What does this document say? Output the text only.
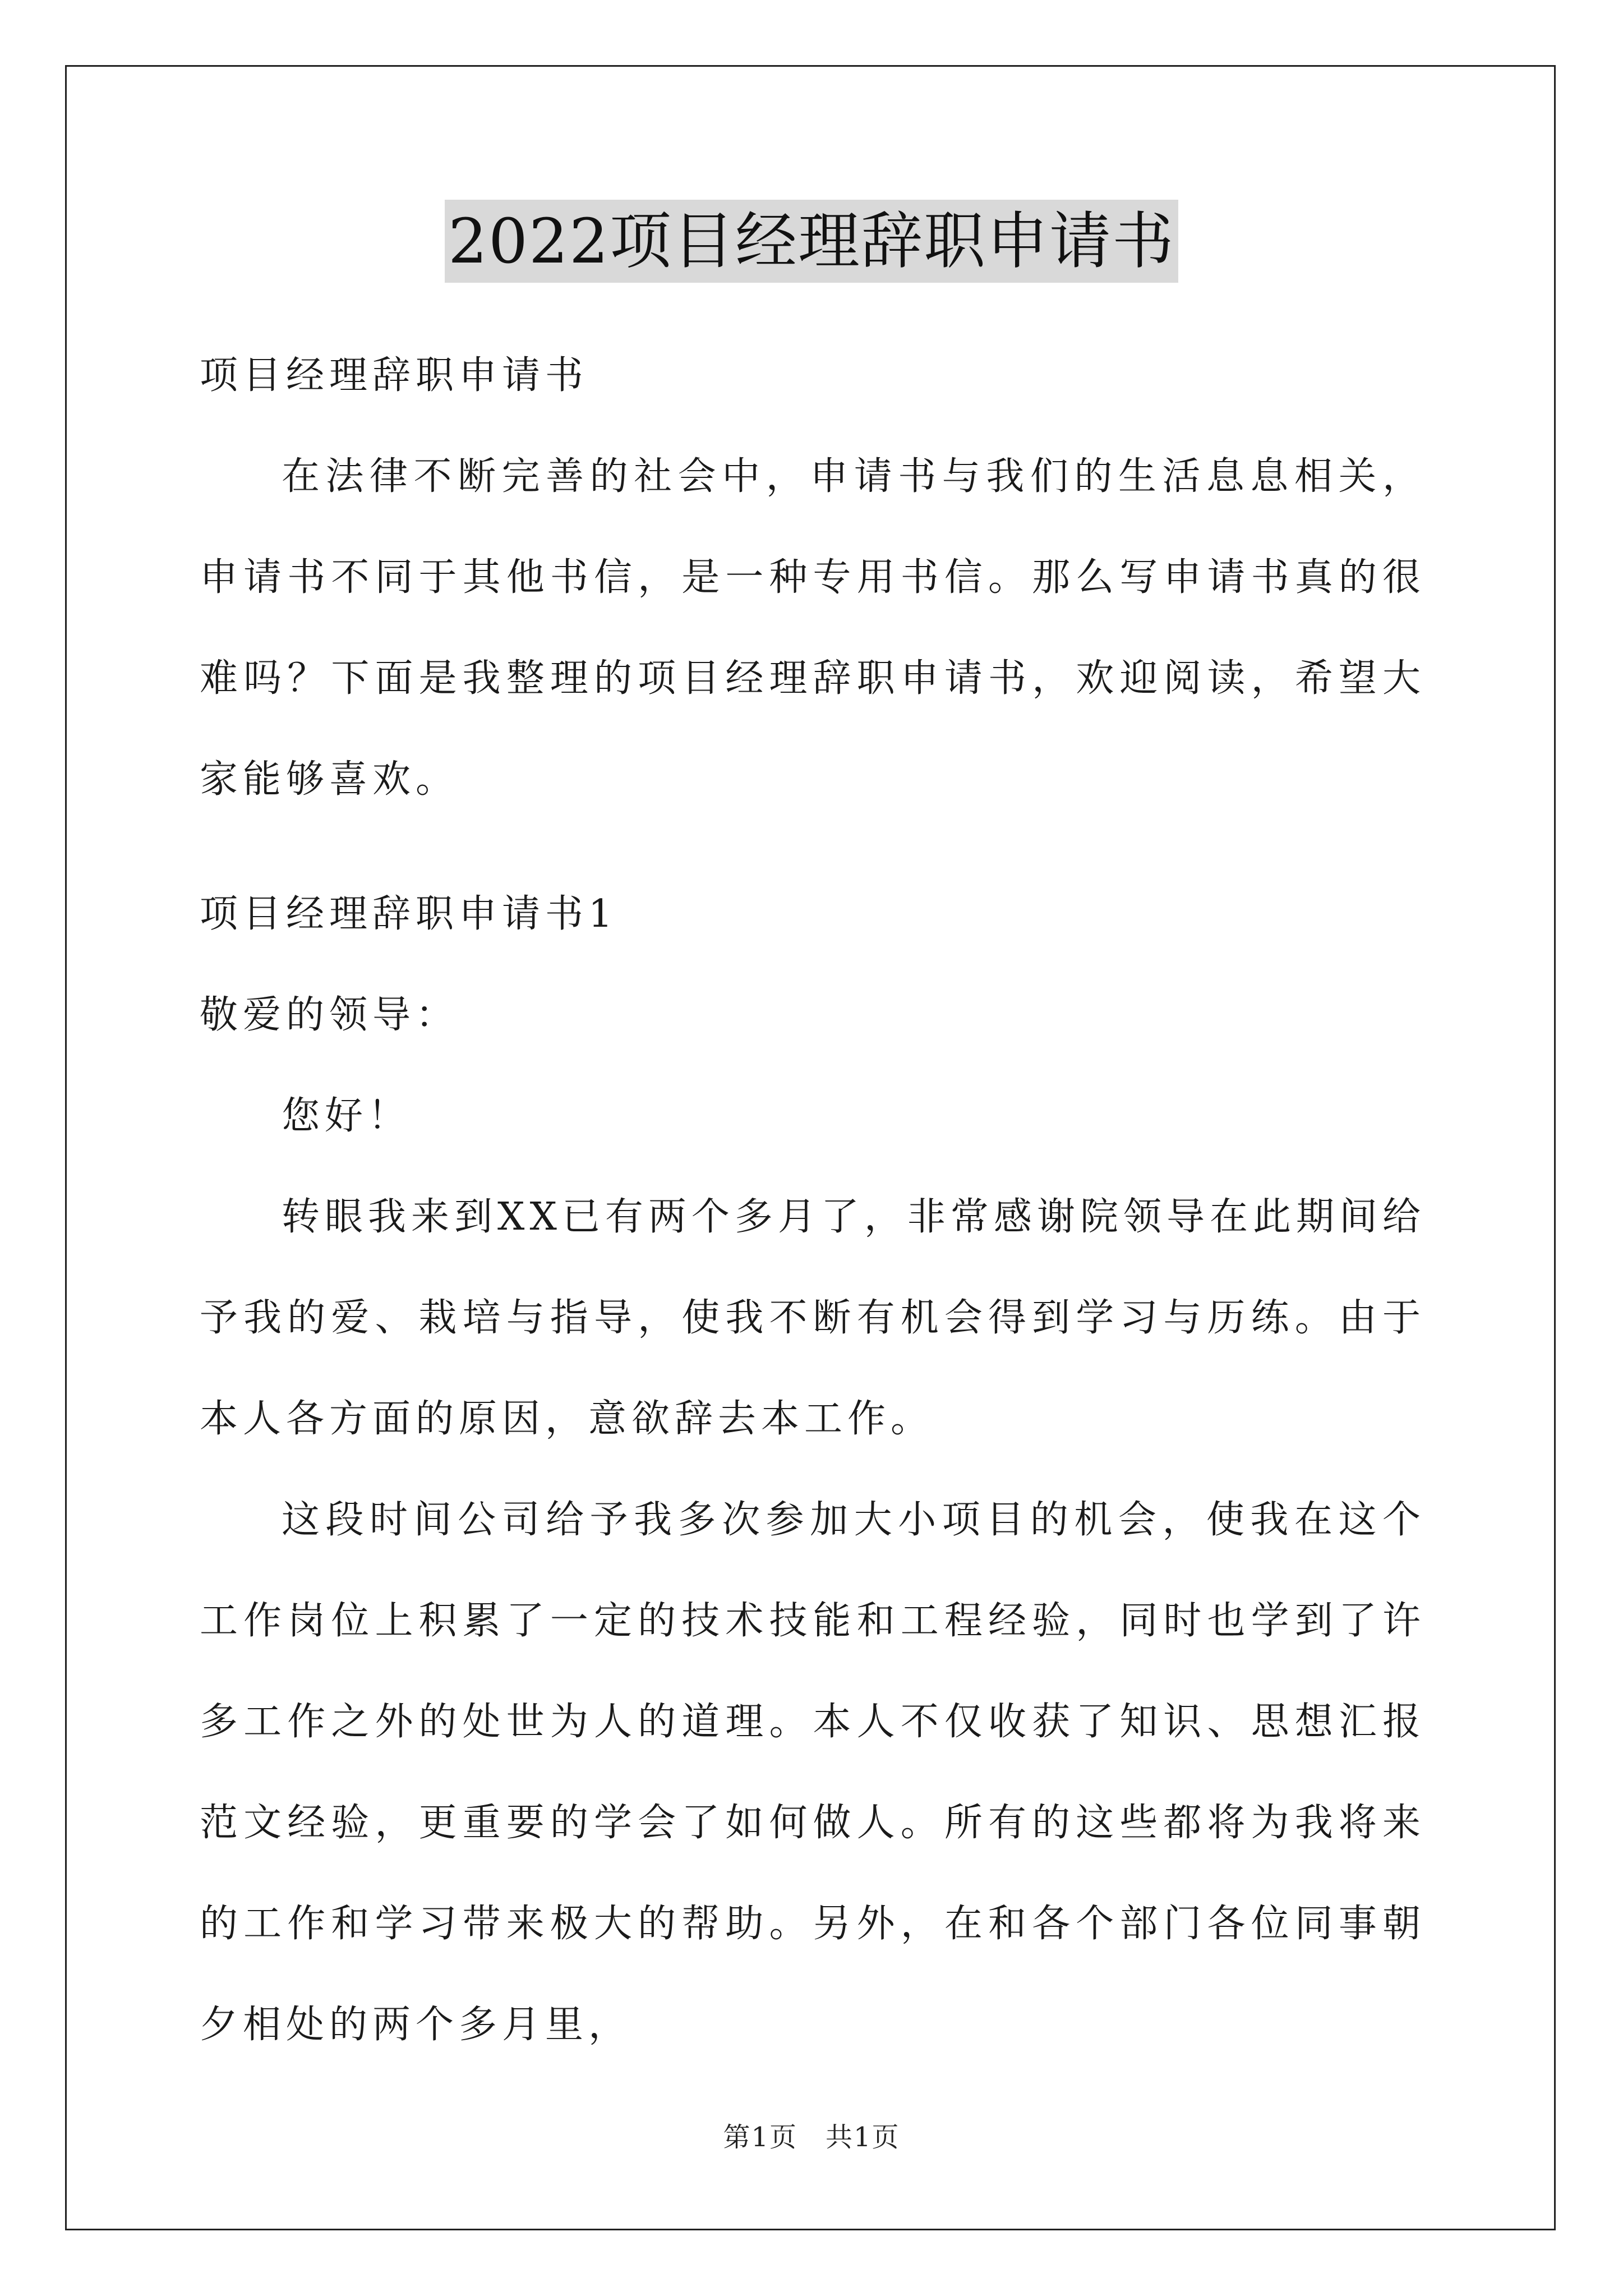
2022项目经理辞职申请书

项目经理辞职申请书

在法律不断完善的社会中，申请书与我们的生活息息相关，申请书不同于其他书信，是一种专用书信。那么写申请书真的很难吗？下面是我整理的项目经理辞职申请书，欢迎阅读，希望大家能够喜欢。

项目经理辞职申请书1

敬爱的领导：

您好！

转眼我来到XX已有两个多月了，非常感谢院领导在此期间给予我的爱、栽培与指导，使我不断有机会得到学习与历练。由于本人各方面的原因，意欲辞去本工作。

这段时间公司给予我多次参加大小项目的机会，使我在这个工作岗位上积累了一定的技术技能和工程经验，同时也学到了许多工作之外的处世为人的道理。本人不仅收获了知识、思想汇报范文经验，更重要的学会了如何做人。所有的这些都将为我将来的工作和学习带来极大的帮助。另外，在和各个部门各位同事朝夕相处的两个多月里，

第1页　共1页
